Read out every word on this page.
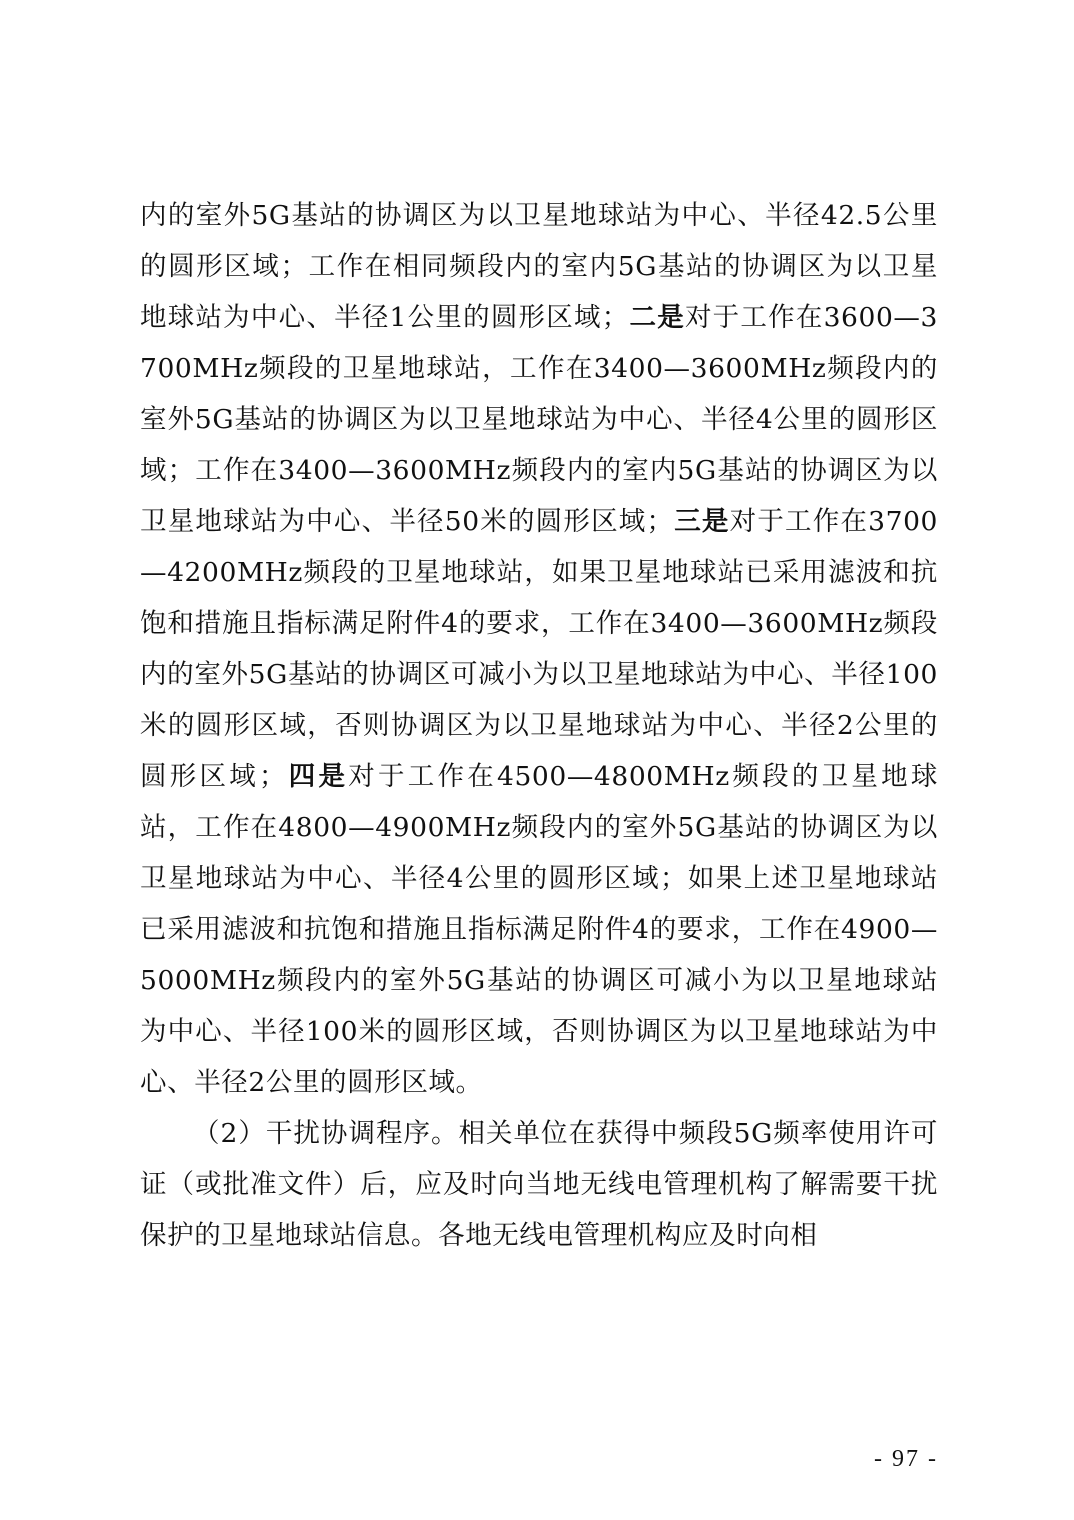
内的室外5G基站的协调区为以卫星地球站为中心、半径42.5公里的圆形区域；工作在相同频段内的室内5G基站的协调区为以卫星地球站为中心、半径1公里的圆形区域；二是对于工作在3600—3700MHz频段的卫星地球站，工作在3400—3600MHz频段内的室外5G基站的协调区为以卫星地球站为中心、半径4公里的圆形区域；工作在3400—3600MHz频段内的室内5G基站的协调区为以卫星地球站为中心、半径50米的圆形区域；三是对于工作在3700—4200MHz频段的卫星地球站，如果卫星地球站已采用滤波和抗饱和措施且指标满足附件4的要求，工作在3400—3600MHz频段内的室外5G基站的协调区可减小为以卫星地球站为中心、半径100米的圆形区域，否则协调区为以卫星地球站为中心、半径2公里的圆形区域；四是对于工作在4500—4800MHz频段的卫星地球站，工作在4800—4900MHz频段内的室外5G基站的协调区为以卫星地球站为中心、半径4公里的圆形区域；如果上述卫星地球站已采用滤波和抗饱和措施且指标满足附件4的要求，工作在4900—5000MHz频段内的室外5G基站的协调区可减小为以卫星地球站为中心、半径100米的圆形区域，否则协调区为以卫星地球站为中心、半径2公里的圆形区域。

（2）干扰协调程序。相关单位在获得中频段5G频率使用许可证（或批准文件）后，应及时向当地无线电管理机构了解需要干扰保护的卫星地球站信息。各地无线电管理机构应及时向相

- 97 -
